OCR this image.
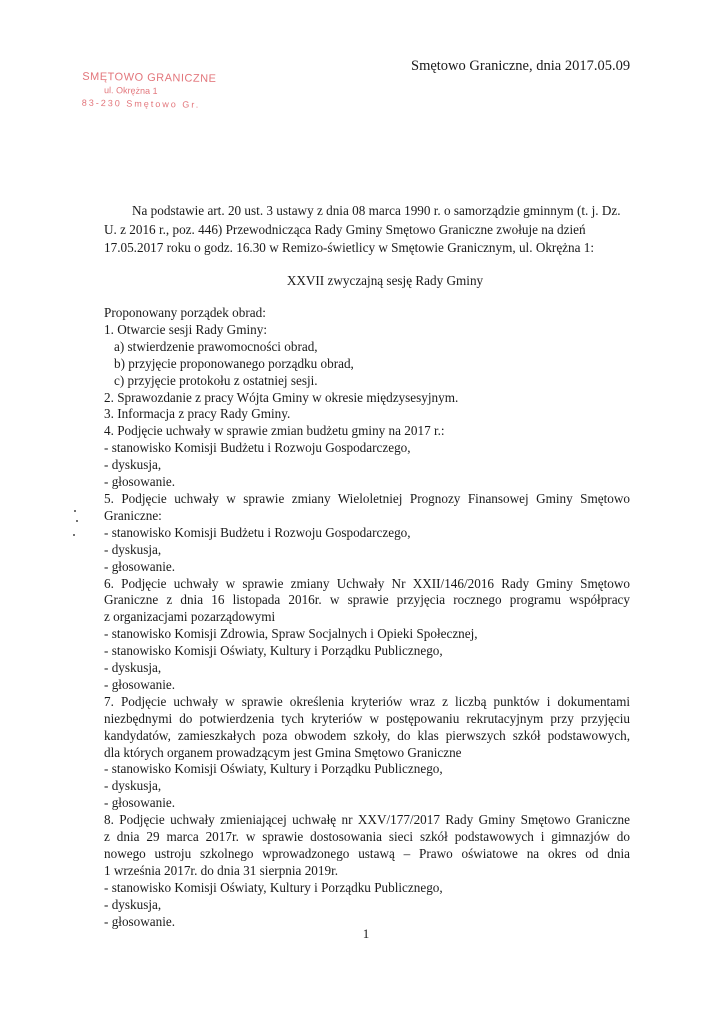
SMĘTOWO GRANICZNE
ul. Okrężna 1
83-230 Smętowo Gr.
Smętowo Graniczne, dnia 2017.05.09
Na podstawie art. 20 ust. 3 ustawy z dnia 08 marca 1990 r. o samorządzie gminnym (t. j. Dz.
U. z 2016 r., poz. 446) Przewodnicząca Rady Gminy Smętowo Graniczne zwołuje na dzień
17.05.2017 roku o godz. 16.30 w Remizo-świetlicy w Smętowie Granicznym, ul. Okrężna 1:
XXVII zwyczajną sesję Rady Gminy
Proponowany porządek obrad:
1. Otwarcie sesji Rady Gminy:
a) stwierdzenie prawomocności obrad,
b) przyjęcie proponowanego porządku obrad,
c) przyjęcie protokołu z ostatniej sesji.
2. Sprawozdanie z pracy Wójta Gminy w okresie międzysesyjnym.
3. Informacja z pracy Rady Gminy.
4. Podjęcie uchwały w sprawie zmian budżetu gminy na 2017 r.:
- stanowisko Komisji Budżetu i Rozwoju Gospodarczego,
- dyskusja,
- głosowanie.
5. Podjęcie uchwały w sprawie zmiany Wieloletniej Prognozy Finansowej Gminy Smętowo
Graniczne:
- stanowisko Komisji Budżetu i Rozwoju Gospodarczego,
- dyskusja,
- głosowanie.
6. Podjęcie uchwały w sprawie zmiany Uchwały Nr XXII/146/2016 Rady Gminy Smętowo
Graniczne z dnia 16 listopada 2016r. w sprawie przyjęcia rocznego programu współpracy
z organizacjami pozarządowymi
- stanowisko Komisji Zdrowia, Spraw Socjalnych i Opieki Społecznej,
- stanowisko Komisji Oświaty, Kultury i Porządku Publicznego,
- dyskusja,
- głosowanie.
7. Podjęcie uchwały w sprawie określenia kryteriów wraz z liczbą punktów i dokumentami
niezbędnymi do potwierdzenia tych kryteriów w postępowaniu rekrutacyjnym przy przyjęciu
kandydatów, zamieszkałych poza obwodem szkoły, do klas pierwszych szkół podstawowych,
dla których organem prowadzącym jest Gmina Smętowo Graniczne
- stanowisko Komisji Oświaty, Kultury i Porządku Publicznego,
- dyskusja,
- głosowanie.
8. Podjęcie uchwały zmieniającej uchwałę nr XXV/177/2017 Rady Gminy Smętowo Graniczne
z dnia 29 marca 2017r. w sprawie dostosowania sieci szkół podstawowych i gimnazjów do
nowego ustroju szkolnego wprowadzonego ustawą – Prawo oświatowe na okres od dnia
1 września 2017r. do dnia 31 sierpnia 2019r.
- stanowisko Komisji Oświaty, Kultury i Porządku Publicznego,
- dyskusja,
- głosowanie.
1
